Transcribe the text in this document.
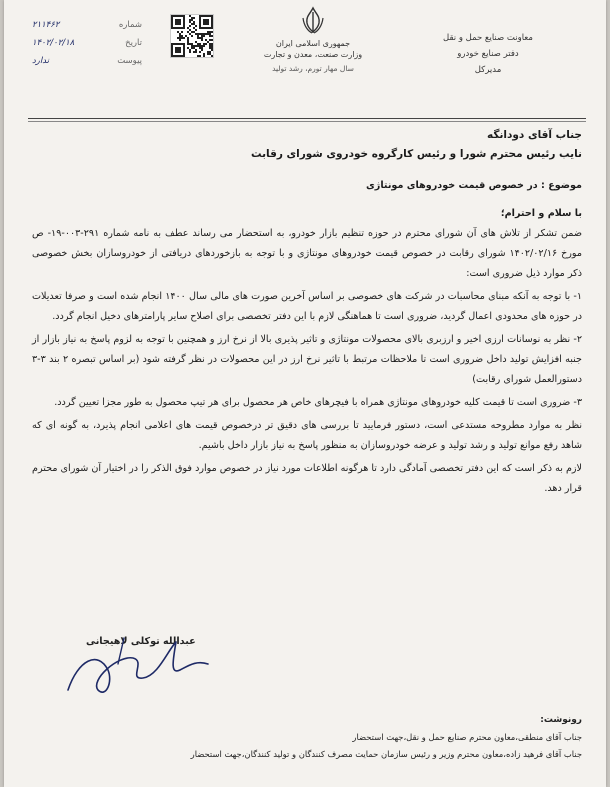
معاونت صنایع حمل و نقل
دفتر صنایع خودرو
مدیرکل
جمهوری اسلامی ایران
وزارت صنعت، معدن و تجارت
سال مهار تورم، رشد تولید
شماره
۲۱۱۴۶۲
تاریخ
۱۴۰۲/۰۲/۱۸
پیوست
ندارد
جناب آقای دودانگه
نایب رئیس محترم شورا و رئیس کارگروه خودروی شورای رقابت
موضوع : در خصوص قیمت خودروهای مونتاژی
با سلام و احترام؛

ضمن تشکر از تلاش های آن شورای محترم در حوزه تنظیم بازار خودرو، به استحضار می رساند عطف به نامه شماره ۲۹۱-۰۰۳-۱۹- ص مورخ ۱۴۰۲/۰۲/۱۶ شورای رقابت در خصوص قیمت خودروهای مونتاژی و با توجه به بازخوردهای دریافتی از خودروسازان بخش خصوصی ذکر موارد ذیل ضروری است:

۱- با توجه به آنکه مبنای محاسبات در شرکت های خصوصی بر اساس آخرین صورت های مالی سال ۱۴۰۰ انجام شده است و صرفا تعدیلات در حوزه های محدودی اعمال گردید، ضروری است تا هماهنگی لازم با این دفتر تخصصی برای اصلاح سایر پارامترهای دخیل انجام گردد.

۲- نظر به نوسانات ارزی اخیر و ارزبری بالای محصولات مونتاژی و تاثیر پذیری بالا از نرخ ارز و همچنین با توجه به لزوم پاسخ به نیاز بازار از جنبه افزایش تولید داخل ضروری است تا ملاحظات مرتبط با تاثیر نرخ ارز در این محصولات در نظر گرفته شود (بر اساس تبصره ۲ بند ۳-۳ دستورالعمل شورای رقابت)

۳- ضروری است تا قیمت کلیه خودروهای مونتاژی همراه با فیچرهای خاص هر محصول برای هر تیپ محصول به طور مجزا تعیین گردد.

نظر به موارد مطروحه مستدعی است، دستور فرمایید تا بررسی های دقیق تر درخصوص قیمت های اعلامی انجام پذیرد، به گونه ای که شاهد رفع موانع تولید و رشد تولید و عرضه خودروسازان به منظور پاسخ به نیاز بازار داخل باشیم.

لازم به ذکر است که این دفتر تخصصی آمادگی دارد تا هرگونه اطلاعات مورد نیاز در خصوص موارد فوق الذکر را در اختیار آن شورای محترم قرار دهد.

عبدالله توکلی لاهیجانی
رونوشت:
جناب آقای منطقی،معاون محترم صنایع حمل و نقل،جهت استحضار
جناب آقای فرهید زاده،معاون محترم وزیر و رئیس سازمان حمایت مصرف کنندگان و تولید کنندگان،جهت استحضار
